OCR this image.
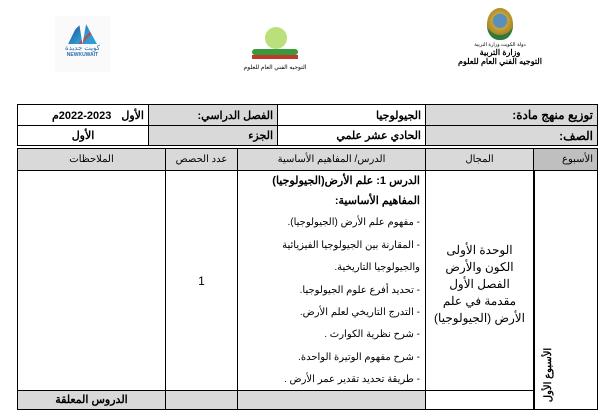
دولة الكويت وزارة التربية
وزارة التربية
التوجيه الفني العام للعلوم
التوجيه الفني العام للعلوم
كويت جديدة
NEWKUWAIT
توزيع منهج مادة:
الجيولوجيا
الفصل الدراسي:
الأول
2022-2023م
الصف:
الحادي عشر علمي
الجزء
الأول
الأسبوع
المجال
الدرس/ المفاهيم الأساسية
عدد الحصص
الملاحظات
الأسبوع الأول
الوحدة الأولى
الكون والأرض
الفصل الأول
مقدمة في علم
الأرض (الجيولوجيا)
الدرس 1: علم الأرض(الجيولوجيا)
المفاهيم الأساسية:
- مفهوم علم الأرض (الجيولوجيا).
- المقارنة بين الجيولوجيا الفيزيائية
والجيولوجيا التاريخية.
- تحديد أفرع علوم الجيولوجيا.
- التدرج التاريخي لعلم الأرض.
- شرح نظرية الكوارث .
- شرح مفهوم الوتيرة الواحدة.
- طريقة تحديد تقدير عمر الأرض .
1
الدروس المعلقة
